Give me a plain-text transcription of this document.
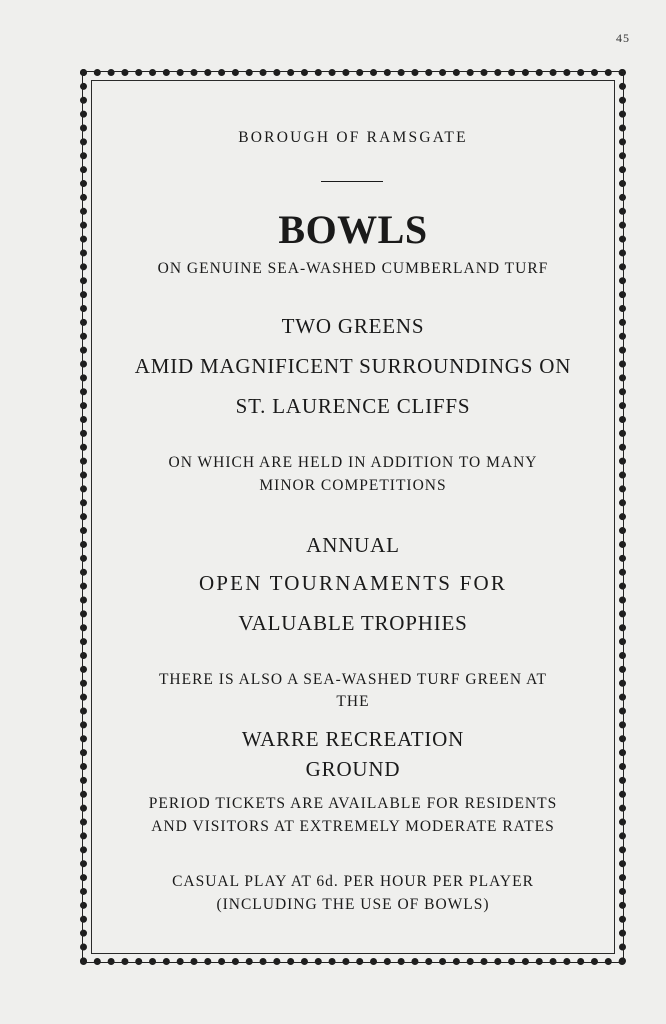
45
BOROUGH OF RAMSGATE
BOWLS
ON GENUINE SEA-WASHED CUMBERLAND TURF
TWO GREENS
AMID MAGNIFICENT SURROUNDINGS ON
ST. LAURENCE CLIFFS
ON WHICH ARE HELD IN ADDITION TO MANY
MINOR COMPETITIONS
ANNUAL
OPEN TOURNAMENTS FOR
VALUABLE TROPHIES
THERE IS ALSO A SEA-WASHED TURF GREEN AT
THE
WARRE RECREATION
GROUND
PERIOD TICKETS ARE AVAILABLE FOR RESIDENTS
AND VISITORS AT EXTREMELY MODERATE RATES
CASUAL PLAY AT 6d. PER HOUR PER PLAYER
(INCLUDING THE USE OF BOWLS)
